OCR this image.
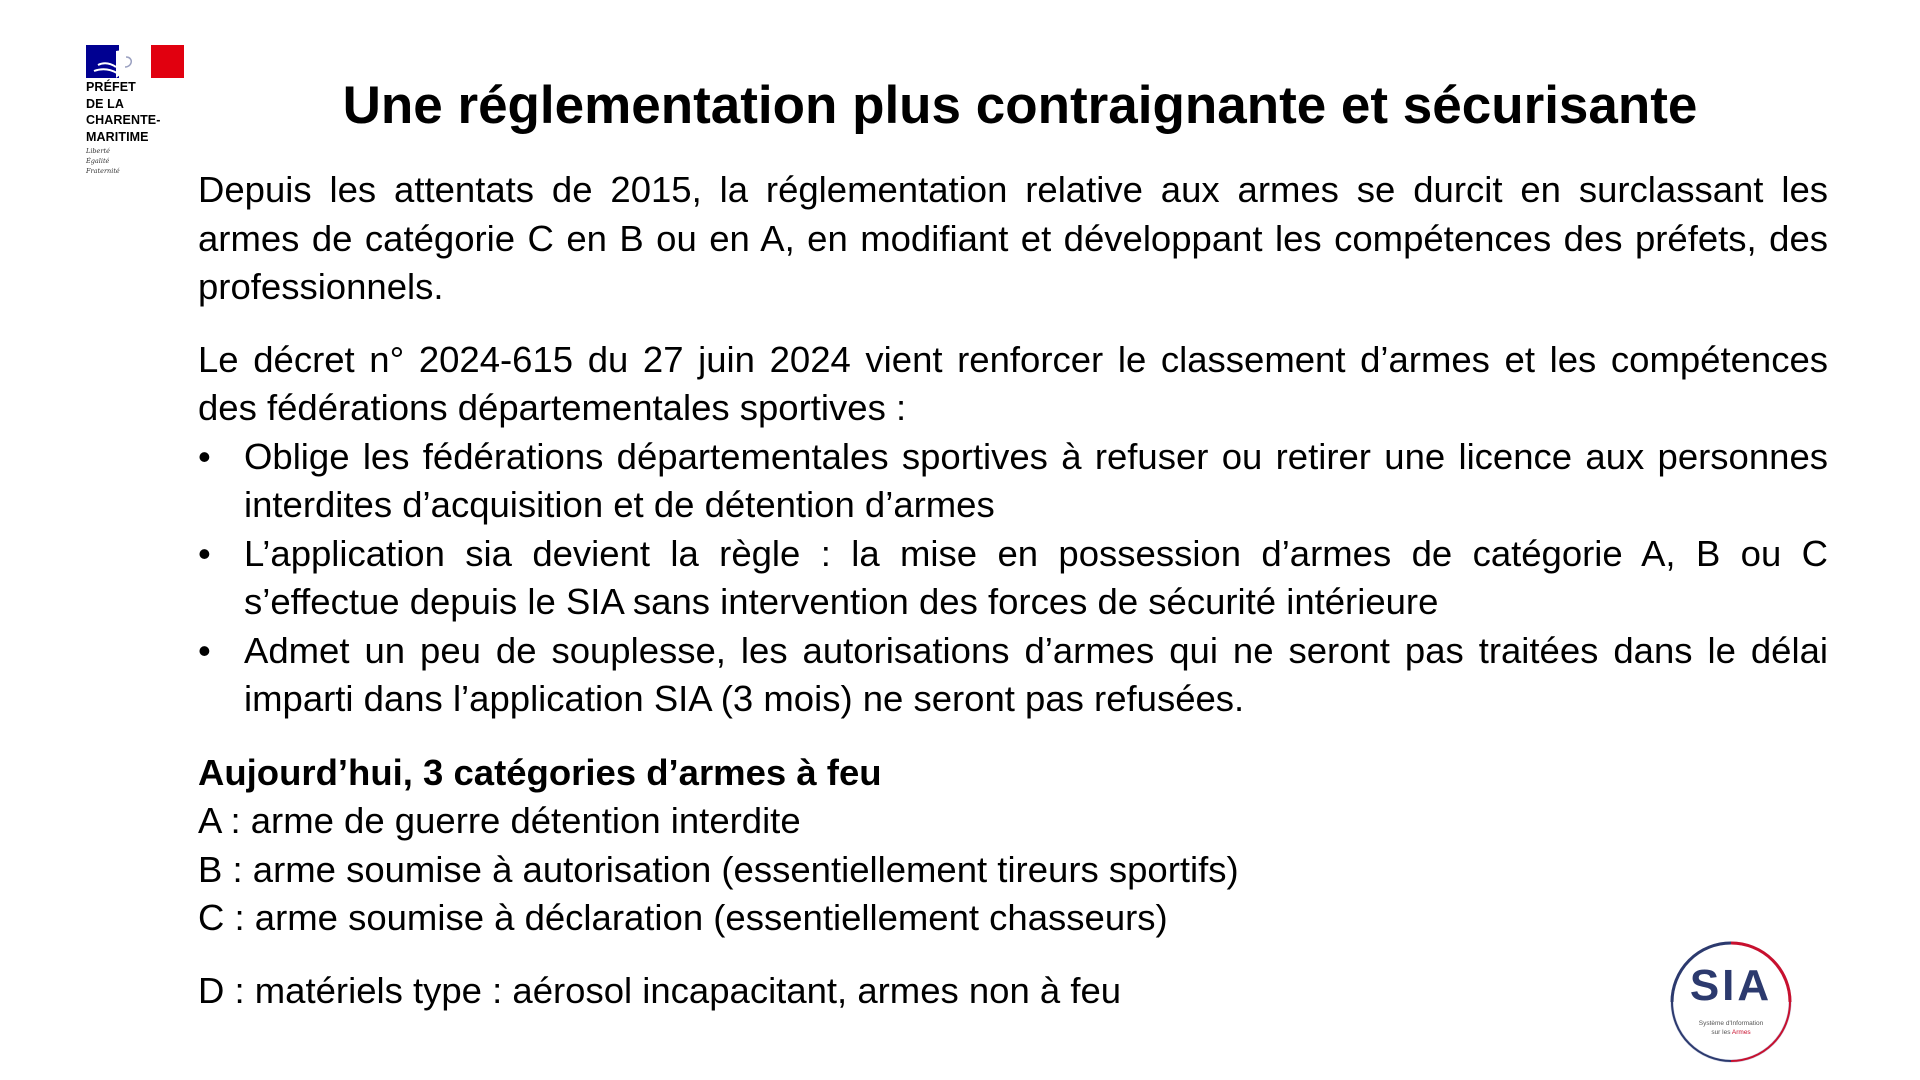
PRÉFET
DE LA
CHARENTE-
MARITIME
Liberté
Égalité
Fraternité
Une réglementation plus contraignante et sécurisante

Depuis les attentats de 2015, la réglementation relative aux armes se durcit en surclassant les armes de catégorie C en B ou en A, en modifiant et développant les compétences des préfets, des professionnels.

Le décret n° 2024-615 du 27 juin 2024 vient renforcer le classement d’armes et les compétences des fédérations départementales sportives :
• Oblige les fédérations départementales sportives à refuser ou retirer une licence aux personnes interdites d’acquisition et de détention d’armes
• L’application sia devient la règle : la mise en possession d’armes de catégorie A, B ou C s’effectue depuis le SIA sans intervention des forces de sécurité intérieure
• Admet un peu de souplesse, les autorisations d’armes qui ne seront pas traitées dans le délai imparti dans l’application SIA (3 mois) ne seront pas refusées.
Aujourd’hui, 3 catégories d’armes à feu
A : arme de guerre détention interdite
B : arme soumise à autorisation (essentiellement tireurs sportifs)
C : arme soumise à déclaration (essentiellement chasseurs)
D : matériels type : aérosol incapacitant, armes non à feu	SIA
Système d'Information
sur les Armes
